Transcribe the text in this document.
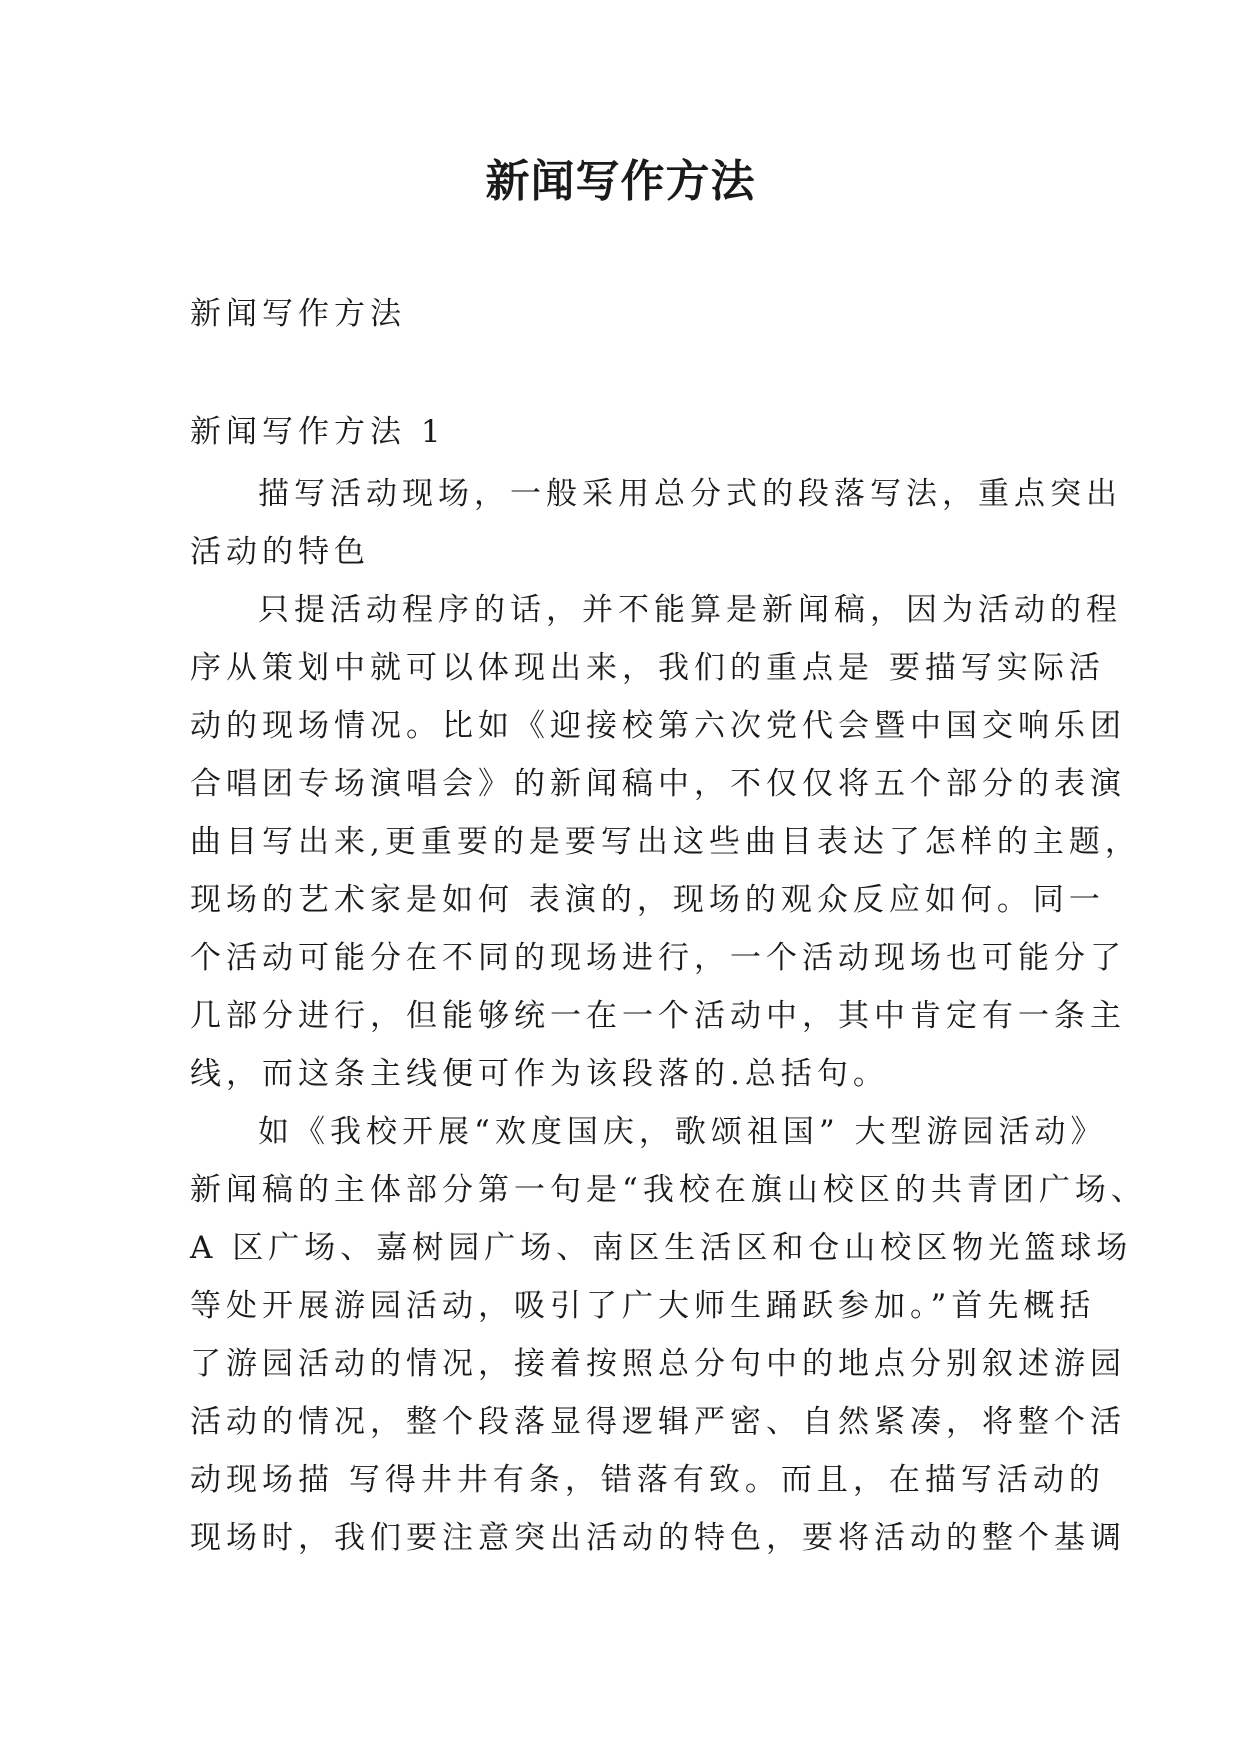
新闻写作方法

新闻写作方法

新闻写作方法 1

描写活动现场，一般采用总分式的段落写法，重点突出
活动的特色

只提活动程序的话，并不能算是新闻稿，因为活动的程
序从策划中就可以体现出来，我们的重点是 要描写实际活
动的现场情况。比如《迎接校第六次党代会暨中国交响乐团
合唱团专场演唱会》的新闻稿中，不仅仅将五个部分的表演
曲目写出来,更重要的是要写出这些曲目表达了怎样的主题，
现场的艺术家是如何 表演的，现场的观众反应如何。同一
个活动可能分在不同的现场进行，一个活动现场也可能分了
几部分进行，但能够统一在一个活动中，其中肯定有一条主
线，而这条主线便可作为该段落的.总括句。

如《我校开展“欢度国庆，歌颂祖国” 大型游园活动》
新闻稿的主体部分第一句是“我校在旗山校区的共青团广场、
A 区广场、嘉树园广场、南区生活区和仓山校区物光篮球场
等处开展游园活动，吸引了广大师生踊跃参加。”首先概括
了游园活动的情况，接着按照总分句中的地点分别叙述游园
活动的情况，整个段落显得逻辑严密、自然紧凑，将整个活
动现场描 写得井井有条，错落有致。而且，在描写活动的
现场时，我们要注意突出活动的特色，要将活动的整个基调
